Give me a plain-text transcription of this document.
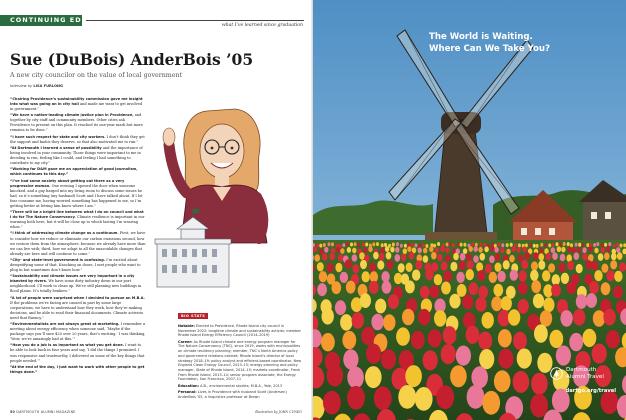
CONTINUING ED
what I’ve learned since graduation
Sue (DuBois) AnderBois ’05
A new city councilor on the value of local government
Interview by LISA FURLONG

“Chairing Providence’s sustainability commission gave me insight into what was going on in city hall and made me want to get involved in government.”

“We have a nation-leading climate justice plan in Providence, and together by city staff and community members. Other cities ask Providence to present on this plan. It reached its one-year mark but more remains to be done.”

“I have such respect for state and city workers. I don’t think they get the support and kudos they deserve, so that also motivated me to run.”

“At Dartmouth I learned a sense of possibility and the importance of being involved in your community. Those things were important to me in deciding to run, feeling like I could, and feeling I had something to contribute to my city.”

“Working for D&M gave me an appreciation of good journalism, which continues to this day.”

“I’ve had some anxiety about getting out there as a very progressive woman. One evening I opened the door when someone knocked, and a guy barged into my living room to discuss some issues he had, so it’s something (my husband) Scott and I have talked about. If I let fear consume me, having worried something has happened to me, so I’m getting better at letting him know where I am.”

“There will be a bright line between what I do on council and what I do for The Nature Conservancy. Climate resilience is important in our warming both here, but it will be close up to which lasting I’m wearing when.”

“I think of addressing climate change as a continuum. First, we have to consider how we reduce or eliminate our carbon emissions second, how we restore them from the atmosphere, because we already have more than we can live with; third, how we adapt to all the unavoidable changes that already are here and will continue to come.”

“City- and state-level government is confusing. I’m excited about demystifying some of that. Knocking on doors, I met people who want to plug in but sometimes don’t know how.”

“Sustainability and climate issues are very important in a city bisected by rivers. We have some dirty industry down in our port neighborhood. I’ll work to clean up. We’re still planning new buildings in flood plains. It’s totally bonkers.”

“A lot of people were surprised when I decided to pursue an M.B.A. If the problems we’re facing are caused in part by some large corporations, we have to understand how they work, how they’re making decisions, and be able to read their financial documents. Climate activists need that fluency.”

“Environmentalists are not always great at marketing. I remember a meeting about energy efficiency when someone said, ‘Maybe if the package says you’ll save $20 over 20 years, that’s exciting.’ I was thinking, ‘Wow, we’re amazingly bad at this.’”

“How you do a job is as important as what you get done. I want to be able to look back in four years and say, ‘I did the things I promised. I was responsive and trustworthy. I delivered on some of the key things that people needed.’”

“At the end of the day, I just want to work with other people to get things done.”

BIO STATS

Notable: Elected to Providence, Rhode Island city council in November 2022; longtime climate and sustainability activist; member Rhode Island Energy Efficiency Council (2014–2019)

Career: As Rhode Island climate and energy program manager for The Nature Conservancy (TNC), since 2019, works with municipalities on climate resiliency planning; member, TNC’s North America policy and government relations cabinet; Rhode Island’s director of local strategy 2018–19; policy analyst and efficient-based coordinator, New England Clean Energy Council, 2013–15; energy planning and policy manager, State of Rhode Island, 2014–15; markets coordinator, Fresh From Rhode Island, 2013–14; senior program associate, the Energy Foundation, San Francisco, 2007–11

Education: A.B., environmental studies; M.B.A., Yale, 2013

Personal: Lives in Providence with husband Scott (Andersen) AnderBois ’05, a linguistics professor at Brown

50 DARTMOUTH ALUMNI MAGAZINE	illustration by JOHN CUNEO
The World is Waiting.
Where Can We Take You?
Dartmouth
Alumni Travel
dartgo.org/travel
